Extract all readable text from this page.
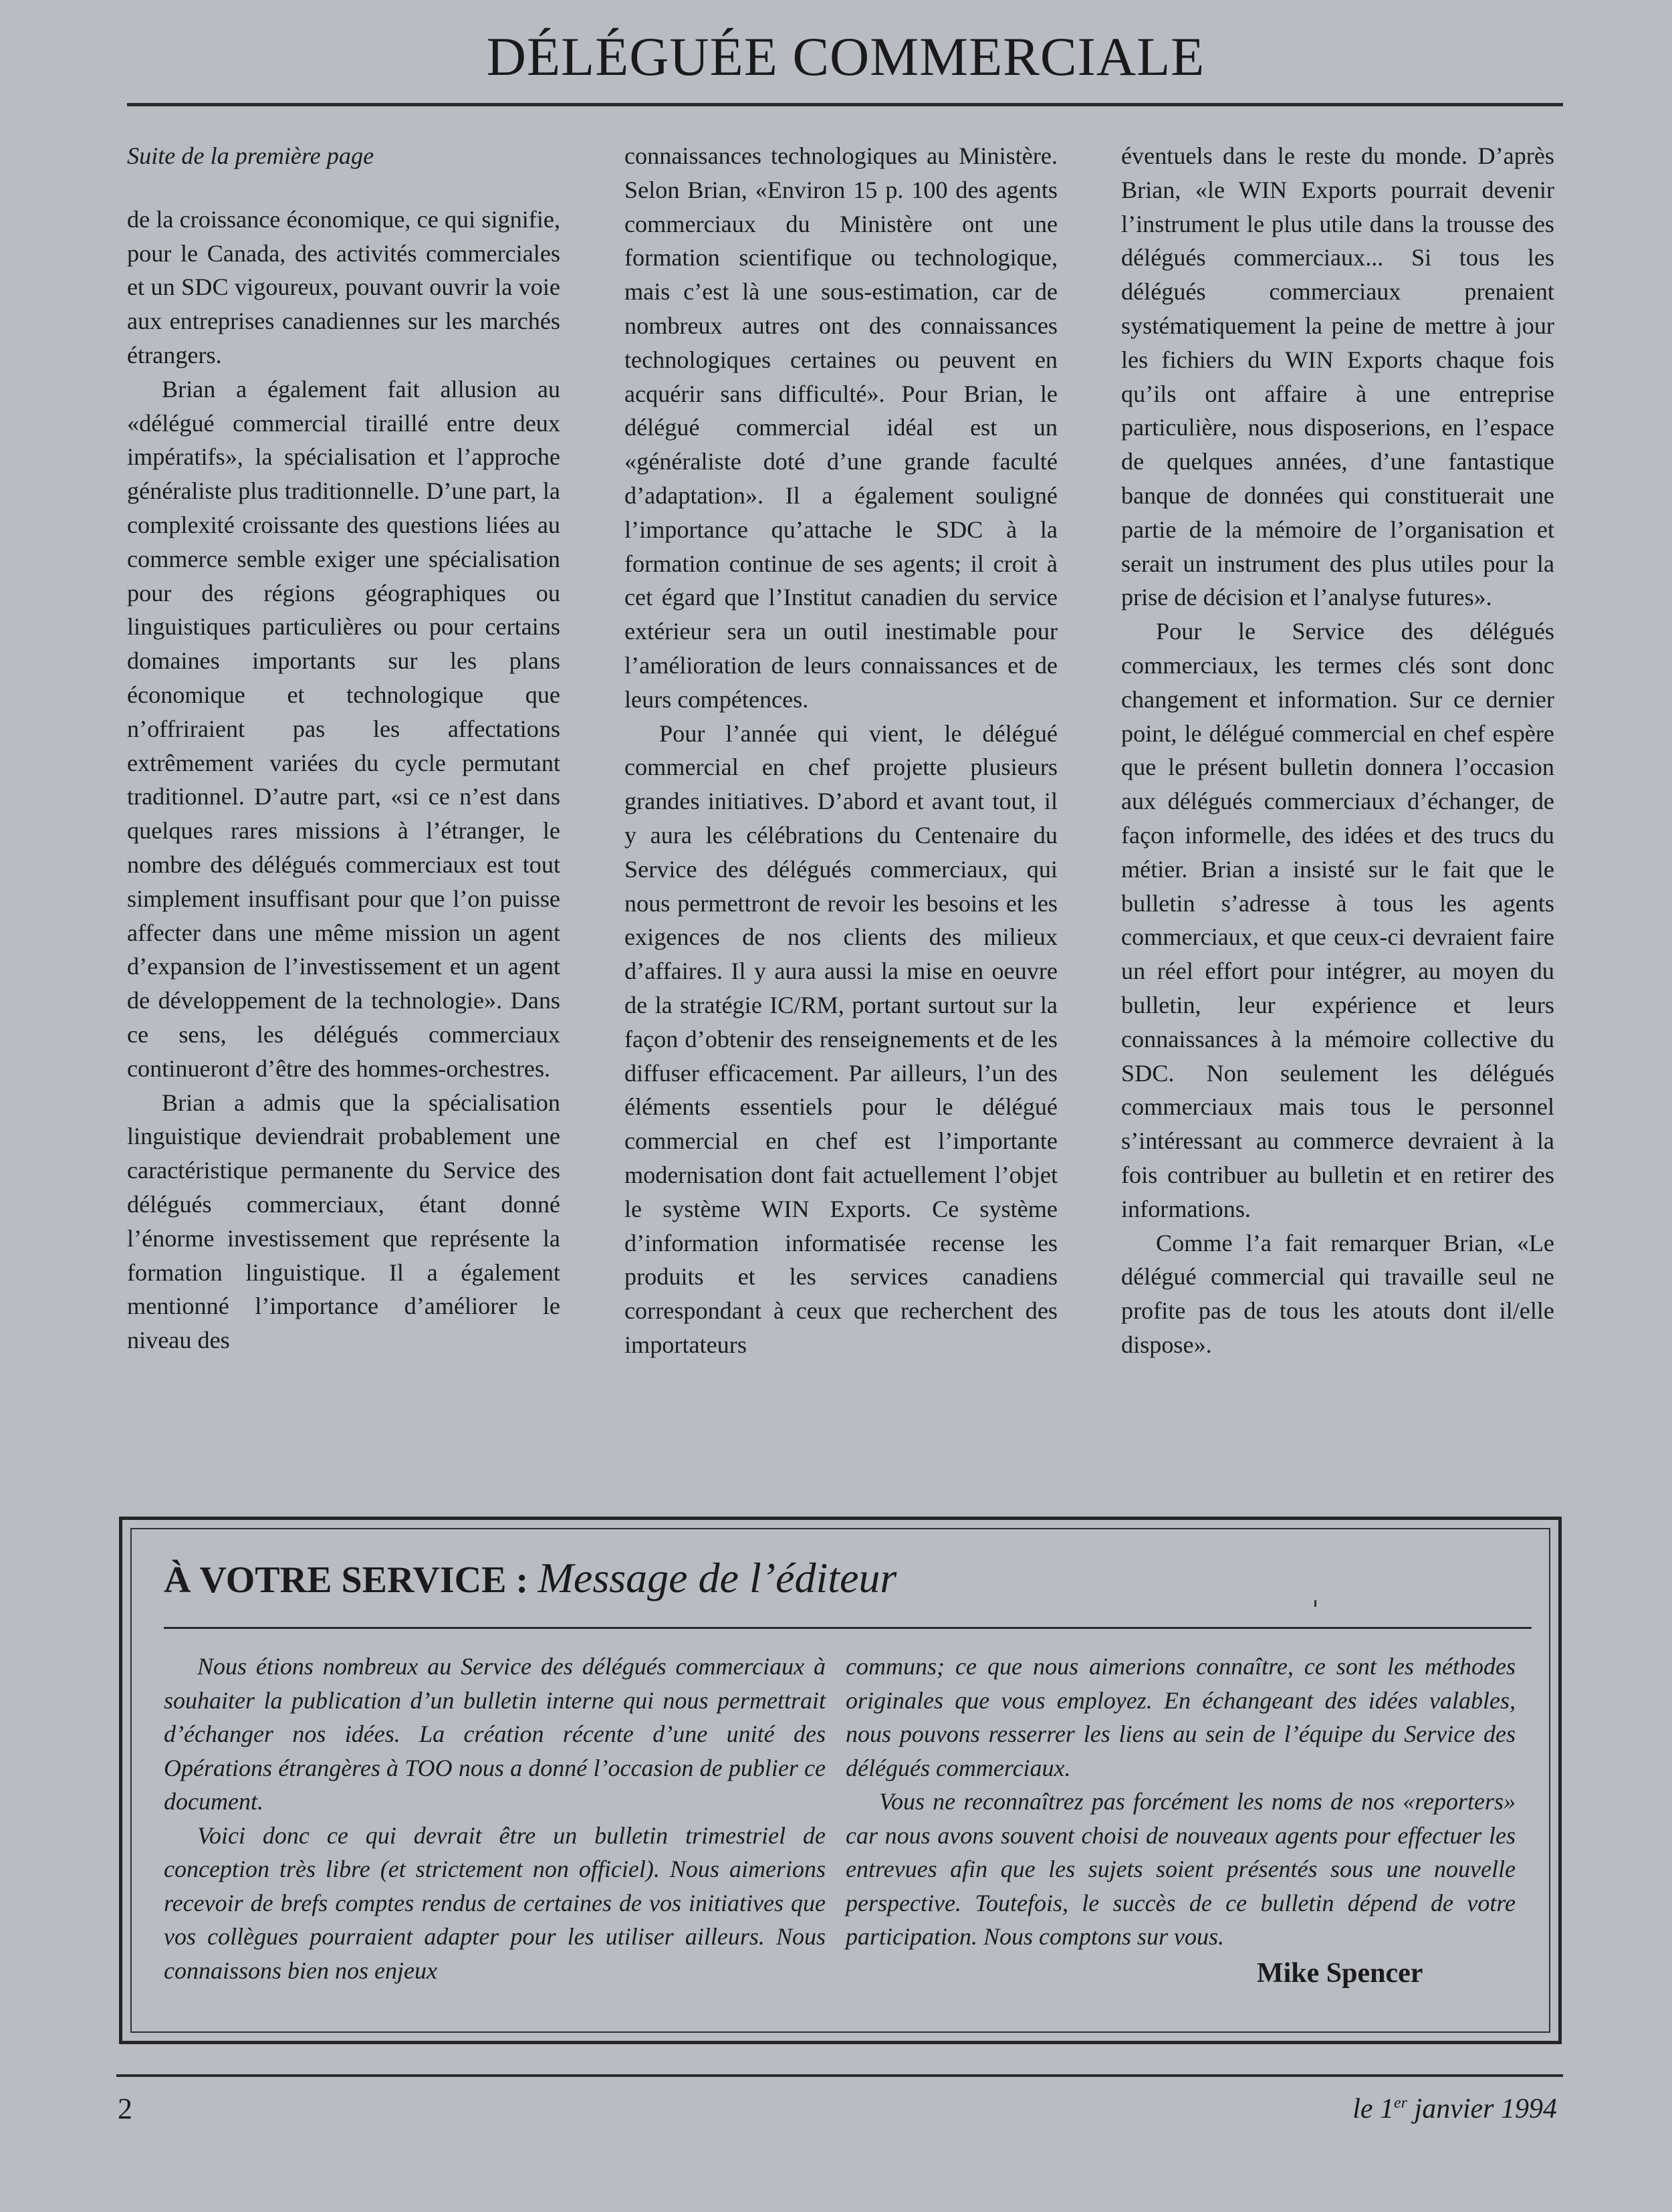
DÉLÉGUÉE COMMERCIALE

Suite de la première page

de la croissance économique, ce qui signifie, pour le Canada, des activités commerciales et un SDC vigoureux, pouvant ouvrir la voie aux entreprises canadiennes sur les marchés étrangers.

Brian a également fait allusion au «délégué commercial tiraillé entre deux impératifs», la spécialisation et l’approche généraliste plus traditionnelle. D’une part, la complexité croissante des questions liées au commerce semble exiger une spécialisation pour des régions géographiques ou linguistiques particulières ou pour certains domaines importants sur les plans économique et technologique que n’offriraient pas les affectations extrêmement variées du cycle permutant traditionnel. D’autre part, «si ce n’est dans quelques rares missions à l’étranger, le nombre des délégués commerciaux est tout simplement insuffisant pour que l’on puisse affecter dans une même mission un agent d’expansion de l’investissement et un agent de développement de la technologie». Dans ce sens, les délégués commerciaux continueront d’être des hommes-orchestres.

Brian a admis que la spécialisation linguistique deviendrait probablement une caractéristique permanente du Service des délégués commerciaux, étant donné l’énorme investissement que représente la formation linguistique. Il a également mentionné l’importance d’améliorer le niveau des

connaissances technologiques au Ministère. Selon Brian, «Environ 15 p. 100 des agents commerciaux du Ministère ont une formation scientifique ou technologique, mais c’est là une sous-estimation, car de nombreux autres ont des connaissances technologiques certaines ou peuvent en acquérir sans difficulté». Pour Brian, le délégué commercial idéal est un «généraliste doté d’une grande faculté d’adaptation». Il a également souligné l’importance qu’attache le SDC à la formation continue de ses agents; il croit à cet égard que l’Institut canadien du service extérieur sera un outil inestimable pour l’amélioration de leurs connaissances et de leurs compétences.

Pour l’année qui vient, le délégué commercial en chef projette plusieurs grandes initiatives. D’abord et avant tout, il y aura les célébrations du Centenaire du Service des délégués commerciaux, qui nous permettront de revoir les besoins et les exigences de nos clients des milieux d’affaires. Il y aura aussi la mise en oeuvre de la stratégie IC/RM, portant surtout sur la façon d’obtenir des renseignements et de les diffuser efficacement. Par ailleurs, l’un des éléments essentiels pour le délégué commercial en chef est l’importante modernisation dont fait actuellement l’objet le système WIN Exports. Ce système d’information informatisée recense les produits et les services canadiens correspondant à ceux que recherchent des importateurs

éventuels dans le reste du monde. D’après Brian, «le WIN Exports pourrait devenir l’instrument le plus utile dans la trousse des délégués commerciaux... Si tous les délégués commerciaux prenaient systématiquement la peine de mettre à jour les fichiers du WIN Exports chaque fois qu’ils ont affaire à une entreprise particulière, nous disposerions, en l’espace de quelques années, d’une fantastique banque de données qui constituerait une partie de la mémoire de l’organisation et serait un instrument des plus utiles pour la prise de décision et l’analyse futures».

Pour le Service des délégués commerciaux, les termes clés sont donc changement et information. Sur ce dernier point, le délégué commercial en chef espère que le présent bulletin donnera l’occasion aux délégués commerciaux d’échanger, de façon informelle, des idées et des trucs du métier. Brian a insisté sur le fait que le bulletin s’adresse à tous les agents commerciaux, et que ceux-ci devraient faire un réel effort pour intégrer, au moyen du bulletin, leur expérience et leurs connaissances à la mémoire collective du SDC. Non seulement les délégués commerciaux mais tous le personnel s’intéressant au commerce devraient à la fois contribuer au bulletin et en retirer des informations.

Comme l’a fait remarquer Brian, «Le délégué commercial qui travaille seul ne profite pas de tous les atouts dont il/elle dispose».

À VOTRE SERVICE : Message de l’éditeur

Nous étions nombreux au Service des délégués commerciaux à souhaiter la publication d’un bulletin interne qui nous permettrait d’échanger nos idées. La création récente d’une unité des Opérations étrangères à TOO nous a donné l’occasion de publier ce document.

Voici donc ce qui devrait être un bulletin trimestriel de conception très libre (et strictement non officiel). Nous aimerions recevoir de brefs comptes rendus de certaines de vos initiatives que vos collègues pourraient adapter pour les utiliser ailleurs. Nous connaissons bien nos enjeux

communs; ce que nous aimerions connaître, ce sont les méthodes originales que vous employez. En échangeant des idées valables, nous pouvons resserrer les liens au sein de l’équipe du Service des délégués commerciaux.

Vous ne reconnaîtrez pas forcément les noms de nos «reporters» car nous avons souvent choisi de nouveaux agents pour effectuer les entrevues afin que les sujets soient présentés sous une nouvelle perspective. Toutefois, le succès de ce bulletin dépend de votre participation. Nous comptons sur vous.

Mike Spencer
2	le 1er janvier 1994
